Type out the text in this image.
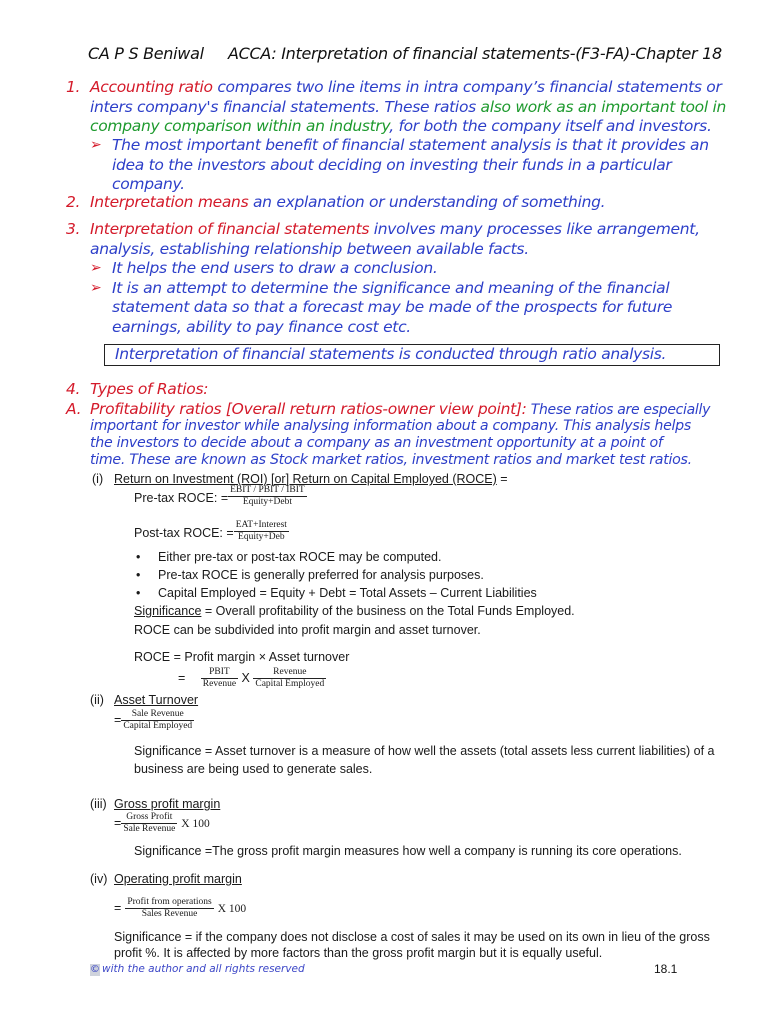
CA P S Beniwal ACCA: Interpretation of financial statements-(F3-FA)-Chapter 18
1. Accounting ratio compares two line items in intra company’s financial statements or
inters company's financial statements. These ratios also work as an important tool in
company comparison within an industry, for both the company itself and investors.
➢ The most important benefit of financial statement analysis is that it provides an
idea to the investors about deciding on investing their funds in a particular
company.
2. Interpretation means an explanation or understanding of something.
3. Interpretation of financial statements involves many processes like arrangement,
analysis, establishing relationship between available facts.
➢ It helps the end users to draw a conclusion.
➢ It is an attempt to determine the significance and meaning of the financial
statement data so that a forecast may be made of the prospects for future
earnings, ability to pay finance cost etc.
Interpretation of financial statements is conducted through ratio analysis.
4. Types of Ratios:
A. Profitability ratios [Overall return ratios-owner view point]: These ratios are especially
important for investor while analysing information about a company. This analysis helps
the investors to decide about a company as an investment opportunity at a point of
time. These are known as Stock market ratios, investment ratios and market test ratios.
(i) Return on Investment (ROI) [or] Return on Capital Employed (ROCE) =
Pre-tax ROCE: = $\frac{\text{EBIT / PBIT / IBIT}}{\text{Equity+Debt}}$
Post-tax ROCE: = $\frac{\text{EAT+Interest}}{\text{Equity+Deb}}$
• Either pre-tax or post-tax ROCE may be computed.
• Pre-tax ROCE is generally preferred for analysis purposes.
• Capital Employed = Equity + Debt = Total Assets – Current Liabilities
Significance = Overall profitability of the business on the Total Funds Employed.
ROCE can be subdivided into profit margin and asset turnover.
ROCE = Profit margin × Asset turnover
= $\frac{\text{PBIT}}{\text{Revenue}}$ X $\frac{\text{Revenue}}{\text{Capital Employed}}$
(ii) Asset Turnover
= $\frac{\text{Sale Revenue}}{\text{Capital Employed}}$
Significance = Asset turnover is a measure of how well the assets (total assets less current liabilities) of a
business are being used to generate sales.
(iii) Gross profit margin
= $\frac{\text{Gross Profit}}{\text{Sale Revenue}}$ X 100
Significance =The gross profit margin measures how well a company is running its core operations.
(iv) Operating profit margin
= $\frac{\text{Profit from operations}}{\text{Sales Revenue}}$ X 100
Significance = if the company does not disclose a cost of sales it may be used on its own in lieu of the gross
profit %. It is affected by more factors than the gross profit margin but it is equally useful.
© with the author and all rights reserved	18.1
